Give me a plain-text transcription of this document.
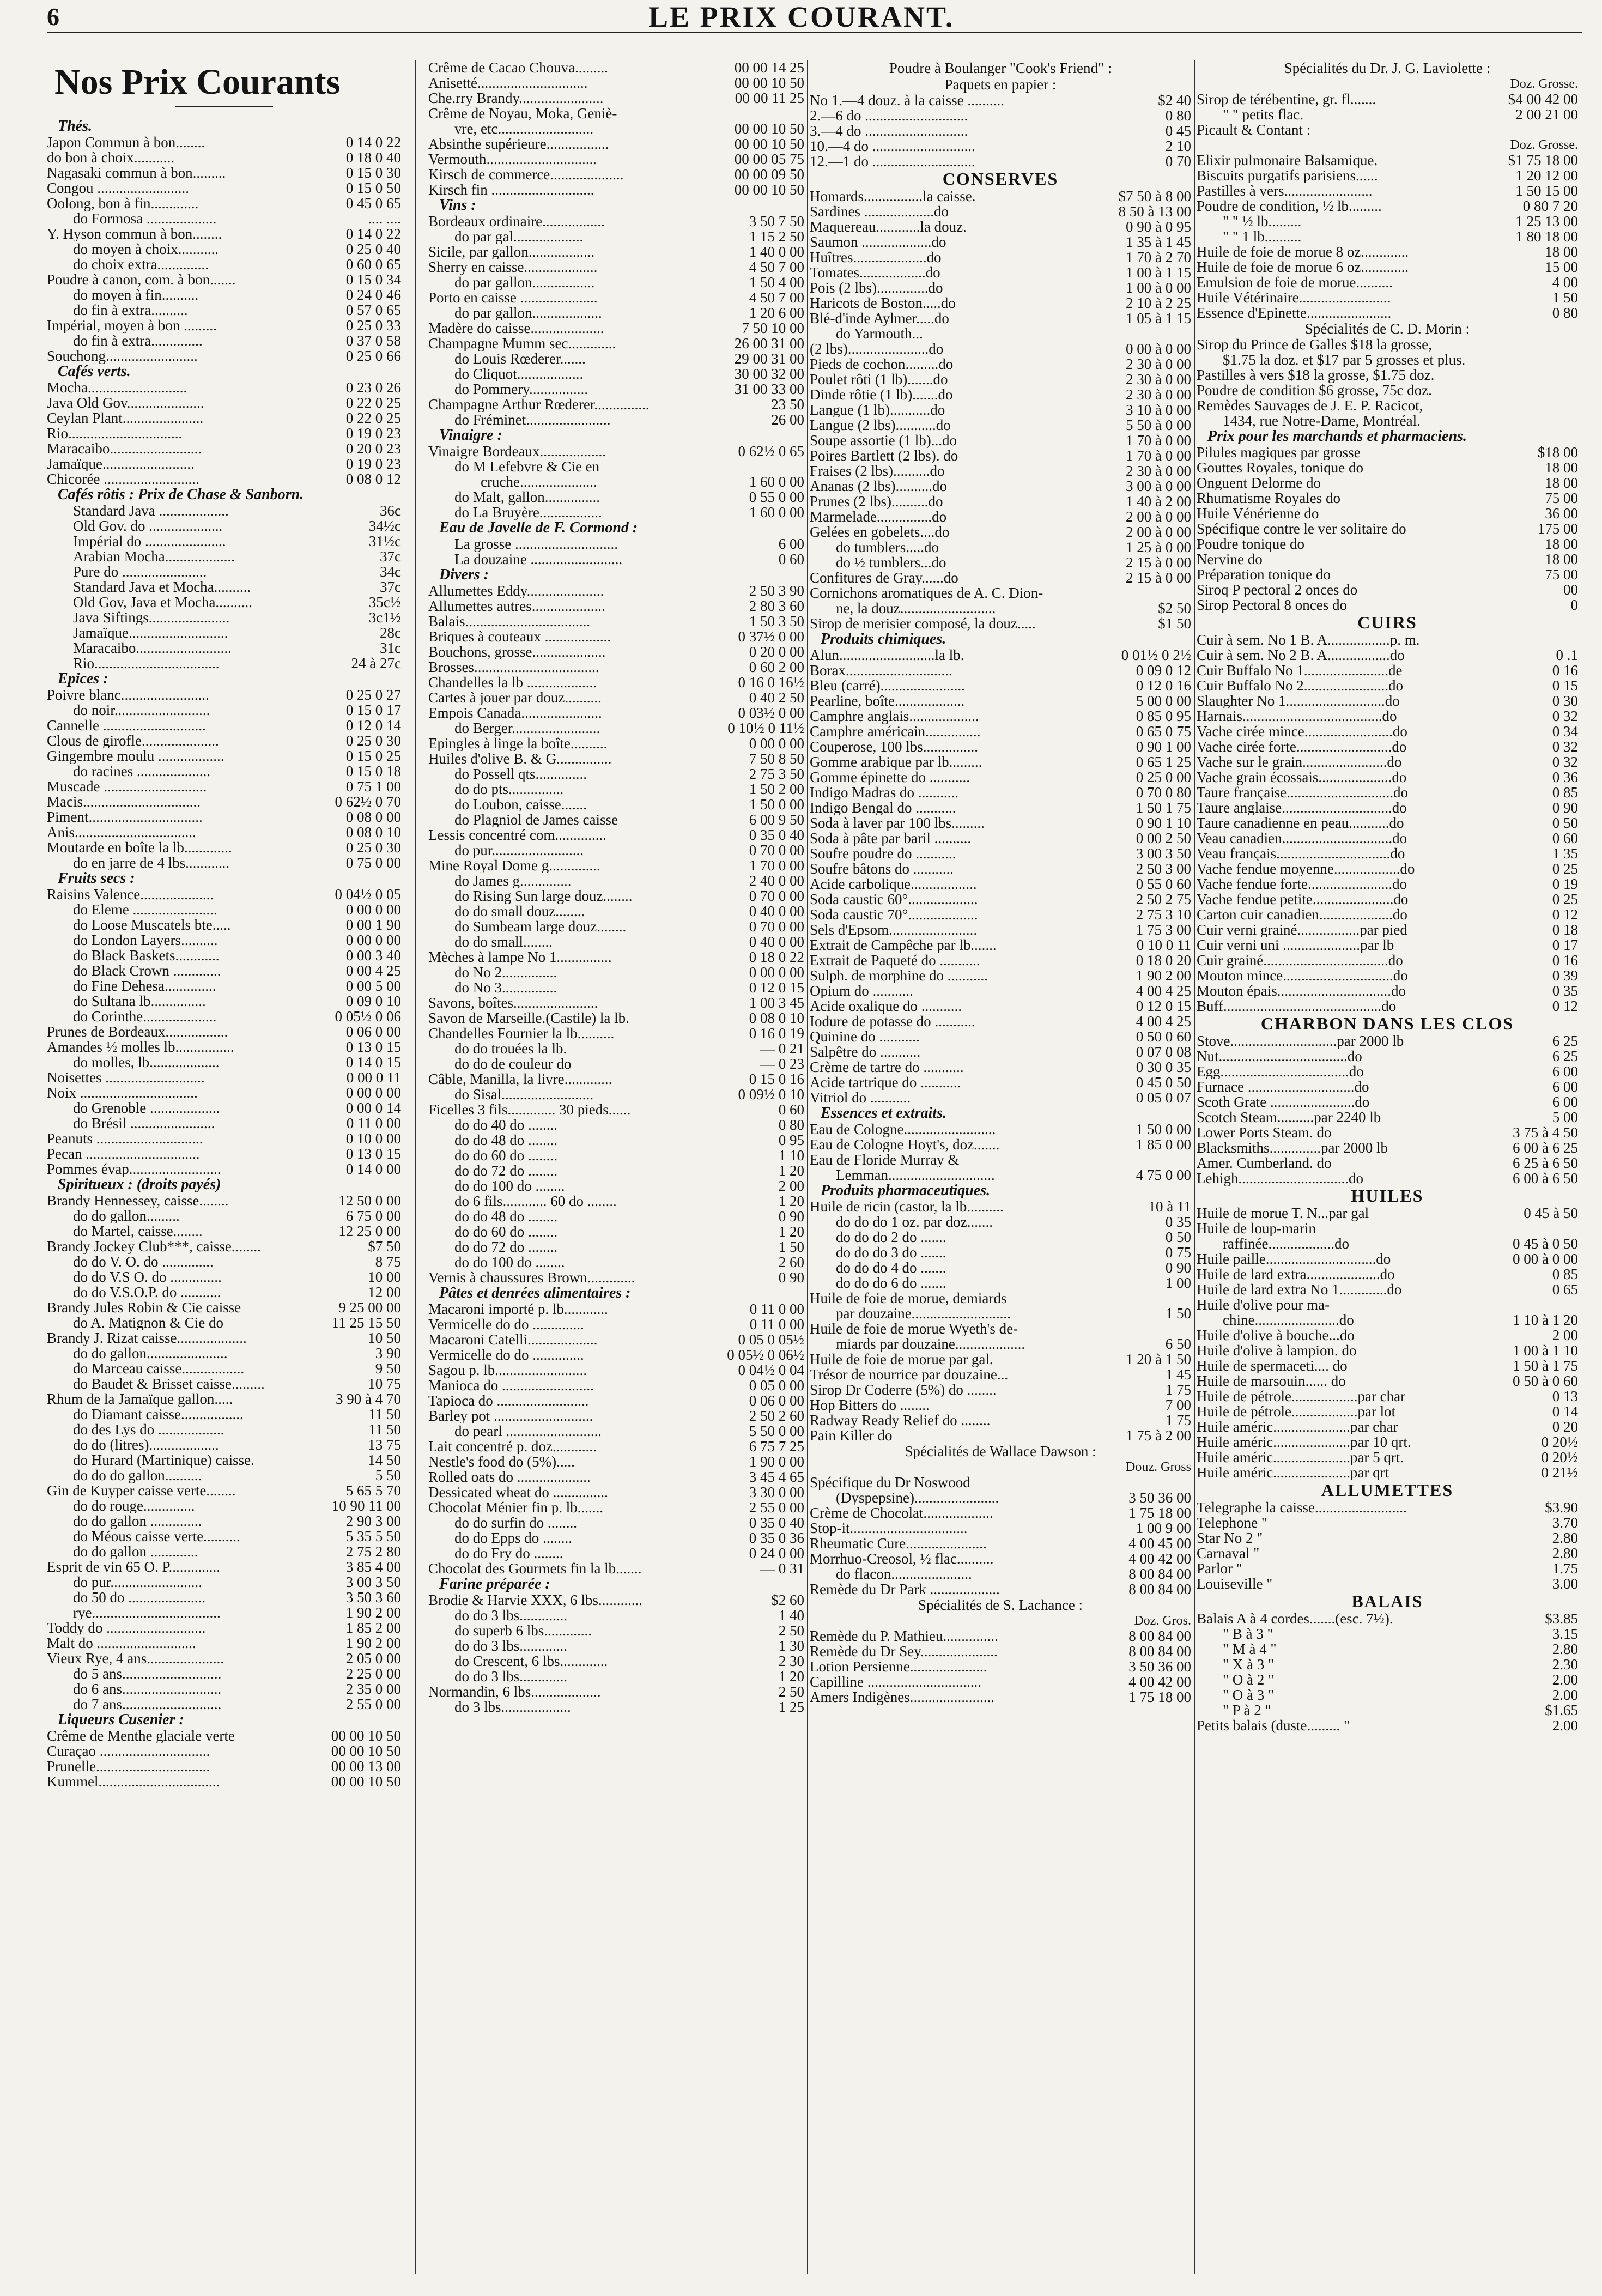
6	LE PRIX COURANT.
Nos Prix Courants
Thés.
Japon Commun à bon........	0 14 0 22
do bon à choix...........	0 18 0 40
Nagasaki commun à bon.........	0 15 0 30
Congou .........................	0 15 0 50
Oolong, bon à fin.............	0 45 0 65
do Formosa ...................	.... ....
Y. Hyson commun à bon........	0 14 0 22
do moyen à choix...........	0 25 0 40
do choix extra..............	0 60 0 65
Poudre à canon, com. à bon.......	0 15 0 34
do moyen à fin..........	0 24 0 46
do fin à extra..........	0 57 0 65
Impérial, moyen à bon .........	0 25 0 33
do fin à extra..............	0 37 0 58
Souchong.........................	0 25 0 66
Cafés verts.
Mocha...........................	0 23 0 26
Java Old Gov.....................	0 22 0 25
Ceylan Plant......................	0 22 0 25
Rio...............................	0 19 0 23
Maracaibo.........................	0 20 0 23
Jamaïque.........................	0 19 0 23
Chicorée ..........................	0 08 0 12
Cafés rôtis : Prix de Chase & Sanborn.
Standard Java ...................	36c
Old Gov. do ....................	34½c
Impérial do ......................	31½c
Arabian Mocha...................	37c
Pure do .......................	34c
Standard Java et Mocha..........	37c
Old Gov, Java et Mocha..........	35c½
Java Siftings......................	3c1½
Jamaïque...........................	28c
Maracaibo..........................	31c
Rio..................................	24 à 27c
Epices :
Poivre blanc........................	0 25 0 27
do noir..........................	0 15 0 17
Cannelle ............................	0 12 0 14
Clous de girofle.....................	0 25 0 30
Gingembre moulu ..................	0 15 0 25
do racines ....................	0 15 0 18
Muscade ............................	0 75 1 00
Macis................................	0 62½ 0 70
Piment...............................	0 08 0 00
Anis.................................	0 08 0 10
Moutarde en boîte la lb.............	0 25 0 30
do en jarre de 4 lbs............	0 75 0 00
Fruits secs :
Raisins Valence....................	0 04½ 0 05
do Eleme .......................	0 00 0 00
do Loose Muscatels bte.....	0 00 1 90
do London Layers..........	0 00 0 00
do Black Baskets............	0 00 3 40
do Black Crown .............	0 00 4 25
do Fine Dehesa..............	0 00 5 00
do Sultana lb...............	0 09 0 10
do Corinthe....................	0 05½ 0 06
Prunes de Bordeaux.................	0 06 0 00
Amandes ½ molles lb................	0 13 0 15
do molles, lb...................	0 14 0 15
Noisettes ...........................	0 00 0 11
Noix ................................	0 00 0 00
do Grenoble ...................	0 00 0 14
do Brésil .......................	0 11 0 00
Peanuts .............................	0 10 0 00
Pecan ...............................	0 13 0 15
Pommes évap.........................	0 14 0 00
Spiritueux : (droits payés)
Brandy Hennessey, caisse........	12 50 0 00
do do gallon.........	6 75 0 00
do Martel, caisse........	12 25 0 00
Brandy Jockey Club***, caisse........	$7 50
do do V. O. do ..............	8 75
do do V.S O. do ..............	10 00
do do V.S.O.P. do ...........	12 00
Brandy Jules Robin & Cie caisse	9 25 00 00
do A. Matignon & Cie do	11 25 15 50
Brandy J. Rizat caisse...................	10 50
do do gallon......................	3 90
do Marceau caisse.................	9 50
do Baudet & Brisset caisse.........	10 75
Rhum de la Jamaïque gallon.....	3 90 à 4 70
do Diamant caisse.................	11 50
do des Lys do ..................	11 50
do do (litres)...................	13 75
do Hurard (Martinique) caisse.	14 50
do do do gallon..........	5 50
Gin de Kuyper caisse verte........	5 65 5 70
do do rouge..............	10 90 11 00
do do gallon ..............	2 90 3 00
do Méous caisse verte..........	5 35 5 50
do do gallon .............	2 75 2 80
Esprit de vin 65 O. P..............	3 85 4 00
do pur.........................	3 00 3 50
do 50 do .....................	3 50 3 60
rye...................................	1 90 2 00
Toddy do ...........................	1 85 2 00
Malt do ...........................	1 90 2 00
Vieux Rye, 4 ans.....................	2 05 0 00
do 5 ans...........................	2 25 0 00
do 6 ans...........................	2 35 0 00
do 7 ans...........................	2 55 0 00
Liqueurs Cusenier :
Crême de Menthe glaciale verte	00 00 10 50
Curaçao ..............................	00 00 10 50
Prunelle...............................	00 00 13 00
Kummel.................................	00 00 10 50
Crême de Cacao Chouva.........	00 00 14 25
Anisetté..............................	00 00 10 50
Che.rry Brandy.......................	00 00 11 25
Crême de Noyau, Moka, Geniè-
vre, etc..........................	00 00 10 50
Absinthe supérieure.................	00 00 10 50
Vermouth..............................	00 00 05 75
Kirsch de commerce....................	00 00 09 50
Kirsch fin ............................	00 00 10 50
Vins :
Bordeaux ordinaire.................	3 50 7 50
do par gal...................	1 15 2 50
Sicile, par gallon..................	1 40 0 00
Sherry en caisse....................	4 50 7 00
do par gallon.................	1 50 4 00
Porto en caisse .....................	4 50 7 00
do par gallon...................	1 20 6 00
Madère do caisse....................	7 50 10 00
Champagne Mumm sec.............	26 00 31 00
do Louis Rœderer.......	29 00 31 00
do Cliquot..................	30 00 32 00
do Pommery................	31 00 33 00
Champagne Arthur Rœderer...............	23 50
do Fréminet.......................	26 00
Vinaigre :
Vinaigre Bordeaux..................	0 62½ 0 65
do M Lefebvre & Cie en
cruche.....................	1 60 0 00
do Malt, gallon...............	0 55 0 00
do La Bruyère.................	1 60 0 00
Eau de Javelle de F. Cormond :
La grosse ............................	6 00
La douzaine .........................	0 60
Divers :
Allumettes Eddy.....................	2 50 3 90
Allumettes autres....................	2 80 3 60
Balais..................................	1 50 3 50
Briques à couteaux ..................	0 37½ 0 00
Bouchons, grosse....................	0 20 0 00
Brosses..................................	0 60 2 00
Chandelles la lb ...................	0 16 0 16½
Cartes à jouer par douz..........	0 40 2 50
Empois Canada......................	0 03½ 0 00
do Berger........................	0 10½ 0 11½
Epingles à linge la boîte..........	0 00 0 00
Huiles d'olive B. & G...............	7 50 8 50
do Possell qts..............	2 75 3 50
do do pts...............	1 50 2 00
do Loubon, caisse.......	1 50 0 00
do Plagniol de James caisse	6 00 9 50
Lessis concentré com..............	0 35 0 40
do pur.........................	0 70 0 00
Mine Royal Dome g..............	1 70 0 00
do James g..............	2 40 0 00
do Rising Sun large douz........	0 70 0 00
do do small douz........	0 40 0 00
do Sumbeam large douz........	0 70 0 00
do do small........	0 40 0 00
Mèches à lampe No 1...............	0 18 0 22
do No 2...............	0 00 0 00
do No 3...............	0 12 0 15
Savons, boîtes.......................	1 00 3 45
Savon de Marseille.(Castile) la lb.	0 08 0 10
Chandelles Fournier la lb..........	0 16 0 19
do do trouées la lb.	— 0 21
do do de couleur do	— 0 23
Câble, Manilla, la livre.............	0 15 0 16
do Sisal.........................	0 09½ 0 10
Ficelles 3 fils............. 30 pieds......	0 60
do do 40 do ........	0 80
do do 48 do ........	0 95
do do 60 do ........	1 10
do do 72 do ........	1 20
do do 100 do ........	2 00
do 6 fils............ 60 do ........	1 20
do do 48 do ........	0 90
do do 60 do ........	1 20
do do 72 do ........	1 50
do do 100 do ........	2 60
Vernis à chaussures Brown.............	0 90
Pâtes et denrées alimentaires :
Macaroni importé p. lb............	0 11 0 00
Vermicelle do do ..............	0 11 0 00
Macaroni Catelli...................	0 05 0 05½
Vermicelle do do ..............	0 05½ 0 06½
Sagou p. lb.........................	0 04½ 0 04
Manioca do .........................	0 05 0 00
Tapioca do .........................	0 06 0 00
Barley pot ...........................	2 50 2 60
do pearl ..........................	5 50 0 00
Lait concentré p. doz............	6 75 7 25
Nestle's food do (5%).....	1 90 0 00
Rolled oats do ....................	3 45 4 65
Dessicated wheat do ...............	3 30 0 00
Chocolat Ménier fin p. lb.......	2 55 0 00
do do surfin do ........	0 35 0 40
do do Epps do ........	0 35 0 36
do do Fry do ........	0 24 0 00
Chocolat des Gourmets fin la lb.......	— 0 31
Farine préparée :
Brodie & Harvie XXX, 6 lbs............	$2 60
do do 3 lbs.............	1 40
do superb 6 lbs.............	2 50
do do 3 lbs.............	1 30
do Crescent, 6 lbs.............	2 30
do do 3 lbs.............	1 20
Normandin, 6 lbs...................	2 50
do 3 lbs...................	1 25
Poudre à Boulanger "Cook's Friend" :
Paquets en papier :
No 1.—4 douz. à la caisse ..........	$2 40
2.—6 do ............................	0 80
3.—4 do ............................	0 45
10.—4 do ............................	2 10
12.—1 do ............................	0 70
CONSERVES
Homards................la caisse.	$7 50 à 8 00
Sardines ...................do	8 50 à 13 00
Maquereau............la douz.	0 90 à 0 95
Saumon ...................do	1 35 à 1 45
Huîtres....................do	1 70 à 2 70
Tomates..................do	1 00 à 1 15
Pois (2 lbs)..............do	1 00 à 0 00
Haricots de Boston.....do	2 10 à 2 25
Blé-d'inde Aylmer.....do	1 05 à 1 15
do Yarmouth...
(2 lbs)......................do	0 00 à 0 00
Pieds de cochon.........do	2 30 à 0 00
Poulet rôti (1 lb).......do	2 30 à 0 00
Dinde rôtie (1 lb).......do	2 30 à 0 00
Langue (1 lb)...........do	3 10 à 0 00
Langue (2 lbs)...........do	5 50 à 0 00
Soupe assortie (1 lb)...do	1 70 à 0 00
Poires Bartlett (2 lbs). do	1 70 à 0 00
Fraises (2 lbs)..........do	2 30 à 0 00
Ananas (2 lbs)..........do	3 00 à 0 00
Prunes (2 lbs)..........do	1 40 à 2 00
Marmelade...............do	2 00 à 0 00
Gelées en gobelets....do	2 00 à 0 00
do tumblers.....do	1 25 à 0 00
do ½ tumblers...do	2 15 à 0 00
Confitures de Gray......do	2 15 à 0 00
Cornichons aromatiques de A. C. Dion-
ne, la douz..........................	$2 50
Sirop de merisier composé, la douz.....	$1 50
Produits chimiques.
Alun..........................la lb.	0 01½ 0 2½
Borax.............................	0 09 0 12
Bleu (carré).......................	0 12 0 16
Pearline, boîte...................	5 00 0 00
Camphre anglais...................	0 85 0 95
Camphre américain...............	0 65 0 75
Couperose, 100 lbs...............	0 90 1 00
Gomme arabique par lb.........	0 65 1 25
Gomme épinette do ...........	0 25 0 00
Indigo Madras do ...........	0 70 0 80
Indigo Bengal do ...........	1 50 1 75
Soda à laver par 100 lbs.........	0 90 1 10
Soda à pâte par baril ..........	0 00 2 50
Soufre poudre do ...........	3 00 3 50
Soufre bâtons do ...........	2 50 3 00
Acide carbolique..................	0 55 0 60
Soda caustic 60°...................	2 50 2 75
Soda caustic 70°...................	2 75 3 10
Sels d'Epsom........................	1 75 3 00
Extrait de Campêche par lb.......	0 10 0 11
Extrait de Paqueté do ...........	0 18 0 20
Sulph. de morphine do ...........	1 90 2 00
Opium do ...........	4 00 4 25
Acide oxalique do ...........	0 12 0 15
Iodure de potasse do ...........	4 00 4 25
Quinine do ...........	0 50 0 60
Salpêtre do ...........	0 07 0 08
Crème de tartre do ...........	0 30 0 35
Acide tartrique do ...........	0 45 0 50
Vitriol do ...........	0 05 0 07
Essences et extraits.
Eau de Cologne.........................	1 50 0 00
Eau de Cologne Hoyt's, doz.......	1 85 0 00
Eau de Floride Murray &
Lemman.............................	4 75 0 00
Produits pharmaceutiques.
Huile de ricin (castor, la lb..........	10 à 11
do do do 1 oz. par doz.......	0 35
do do do 2 do .......	0 50
do do do 3 do .......	0 75
do do do 4 do .......	0 90
do do do 6 do .......	1 00
Huile de foie de morue, demiards
par douzaine...........................	1 50
Huile de foie de morue Wyeth's de-
miards par douzaine...................	6 50
Huile de foie de morue par gal.	1 20 à 1 50
Trésor de nourrice par douzaine...	1 45
Sirop Dr Coderre (5%) do ........	1 75
Hop Bitters do ........	7 00
Radway Ready Relief do ........	1 75
Pain Killer do	1 75 à 2 00
Spécialités de Wallace Dawson :
Douz. Gross
Spécifique du Dr Noswood
(Dyspepsine).......................	3 50 36 00
Crème de Chocolat...................	1 75 18 00
Stop-it................................	1 00 9 00
Rheumatic Cure......................	4 00 45 00
Morrhuo-Creosol, ½ flac..........	4 00 42 00
do flacon......................	8 00 84 00
Remède du Dr Park ...................	8 00 84 00
Spécialités de S. Lachance :
Doz. Gros.
Remède du P. Mathieu...............	8 00 84 00
Remède du Dr Sey.....................	8 00 84 00
Lotion Persienne.....................	3 50 36 00
Capilline ...............................	4 00 42 00
Amers Indigènes.......................	1 75 18 00
Spécialités du Dr. J. G. Laviolette :
Doz. Grosse.
Sirop de térébentine, gr. fl.......	$4 00 42 00
" " petits flac.	2 00 21 00
Picault & Contant :
Doz. Grosse.
Elixir pulmonaire Balsamique.	$1 75 18 00
Biscuits purgatifs parisiens......	1 20 12 00
Pastilles à vers........................	1 50 15 00
Poudre de condition, ½ lb.........	0 80 7 20
" " ½ lb.........	1 25 13 00
" " 1 lb..........	1 80 18 00
Huile de foie de morue 8 oz.............	18 00
Huile de foie de morue 6 oz.............	15 00
Emulsion de foie de morue..........	4 00
Huile Vétérinaire.........................	1 50
Essence d'Epinette.......................	0 80
Spécialités de C. D. Morin :
Sirop du Prince de Galles $18 la grosse,
$1.75 la doz. et $17 par 5 grosses et plus.
Pastilles à vers $18 la grosse, $1.75 doz.
Poudre de condition $6 grosse, 75c doz.
Remèdes Sauvages de J. E. P. Racicot,
1434, rue Notre-Dame, Montréal.
Prix pour les marchands et pharmaciens.
Pilules magiques par grosse	$18 00
Gouttes Royales, tonique do	18 00
Onguent Delorme do	18 00
Rhumatisme Royales do	75 00
Huile Vénérienne do	36 00
Spécifique contre le ver solitaire do	175 00
Poudre tonique do	18 00
Nervine do	18 00
Préparation tonique do	75 00
Siroq P pectoral 2 onces do	00
Sirop Pectoral 8 onces do	0
CUIRS
Cuir à sem. No 1 B. A.................p. m.
Cuir à sem. No 2 B. A.................do	0 .1
Cuir Buffalo No 1.......................de	0 16
Cuir Buffalo No 2.......................do	0 15
Slaughter No 1...........................do	0 30
Harnais......................................do	0 32
Vache cirée mince........................do	0 34
Vache cirée forte..........................do	0 32
Vache sur le grain.......................do	0 32
Vache grain écossais....................do	0 36
Taure française.............................do	0 85
Taure anglaise..............................do	0 90
Taure canadienne en peau...........do	0 50
Veau canadien..............................do	0 60
Veau français...............................do	1 35
Vache fendue moyenne..................do	0 25
Vache fendue forte.......................do	0 19
Vache fendue petite......................do	0 25
Carton cuir canadien....................do	0 12
Cuir verni grainé.................par pied	0 18
Cuir verni uni .....................par lb	0 17
Cuir grainé..................................do	0 16
Mouton mince..............................do	0 39
Mouton épais...............................do	0 35
Buff...........................................do	0 12
CHARBON DANS LES CLOS
Stove.............................par 2000 lb	6 25
Nut...................................do	6 25
Egg...................................do	6 00
Furnace .............................do	6 00
Scoth Grate .......................do	6 00
Scotch Steam..........par 2240 lb	5 00
Lower Ports Steam. do	3 75 à 4 50
Blacksmiths..............par 2000 lb	6 00 à 6 25
Amer. Cumberland. do	6 25 à 6 50
Lehigh..............................do	6 00 à 6 50
HUILES
Huile de morue T. N...par gal	0 45 à 50
Huile de loup-marin
raffinée..................do	0 45 à 0 50
Huile paille..............................do	0 00 à 0 00
Huile de lard extra....................do	0 85
Huile de lard extra No 1.............do	0 65
Huile d'olive pour ma-
chine.......................do	1 10 à 1 20
Huile d'olive à bouche...do	2 00
Huile d'olive à lampion. do	1 00 à 1 10
Huile de spermaceti.... do	1 50 à 1 75
Huile de marsouin...... do	0 50 à 0 60
Huile de pétrole..................par char	0 13
Huile de pétrole..................par lot	0 14
Huile améric.....................par char	0 20
Huile améric.....................par 10 qrt.	0 20½
Huile améric.....................par 5 qrt.	0 20½
Huile améric.....................par qrt	0 21½
ALLUMETTES
Telegraphe la caisse.........................	$3.90
Telephone "	3.70
Star No 2 "	2.80
Carnaval "	2.80
Parlor "	1.75
Louiseville "	3.00
BALAIS
Balais A à 4 cordes.......(esc. 7½).	$3.85
" B à 3 "	3.15
" M à 4 "	2.80
" X à 3 "	2.30
" O à 2 "	2.00
" O à 3 "	2.00
" P à 2 "	$1.65
Petits balais (duste......... "	2.00
